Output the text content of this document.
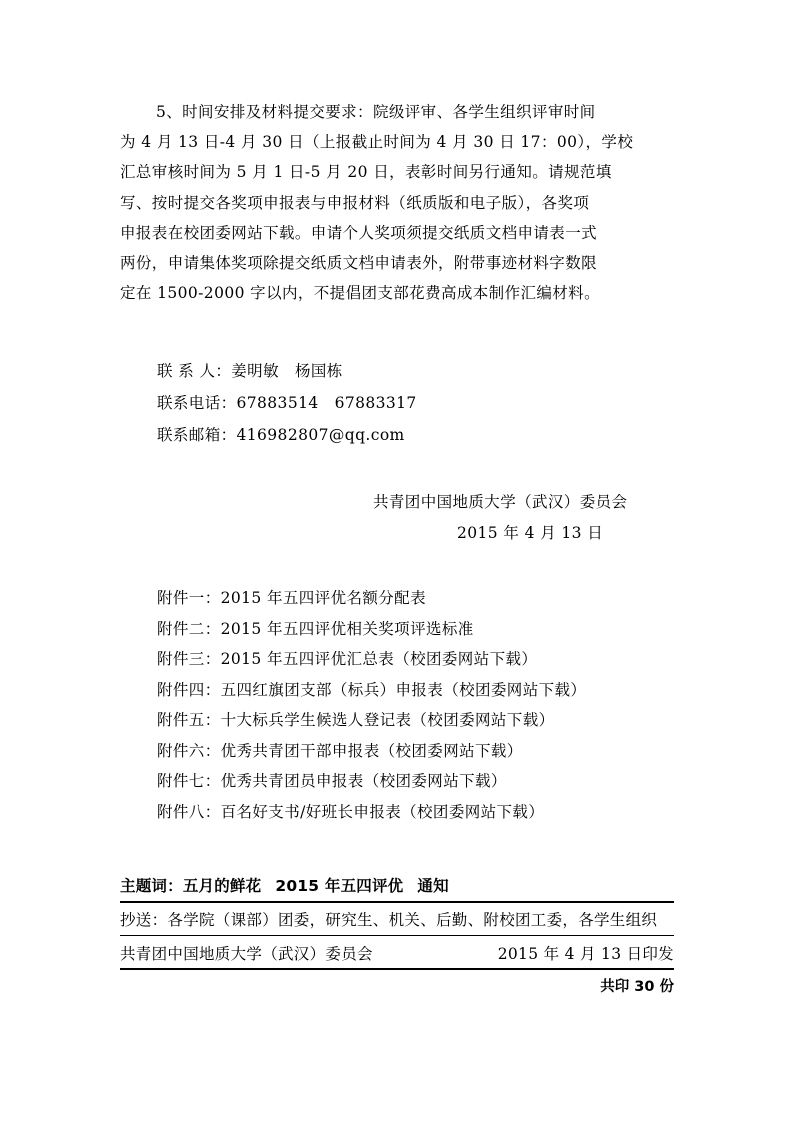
5、时间安排及材料提交要求：院级评审、各学生组织评审时间
为 4 月 13 日-4 月 30 日（上报截止时间为 4 月 30 日 17：00），学校
汇总审核时间为 5 月 1 日-5 月 20 日，表彰时间另行通知。请规范填
写、按时提交各奖项申报表与申报材料（纸质版和电子版），各奖项
申报表在校团委网站下载。申请个人奖项须提交纸质文档申请表一式
两份，申请集体奖项除提交纸质文档申请表外，附带事迹材料字数限
定在 1500-2000 字以内，不提倡团支部花费高成本制作汇编材料。
联 系 人：姜明敏   杨国栋
联系电话：67883514   67883317
联系邮箱：416982807@qq.com
共青团中国地质大学（武汉）委员会
2015 年 4 月 13 日
附件一：2015 年五四评优名额分配表
附件二：2015 年五四评优相关奖项评选标准
附件三：2015 年五四评优汇总表（校团委网站下载）
附件四：五四红旗团支部（标兵）申报表（校团委网站下载）
附件五：十大标兵学生候选人登记表（校团委网站下载）
附件六：优秀共青团干部申报表（校团委网站下载）
附件七：优秀共青团员申报表（校团委网站下载）
附件八：百名好支书/好班长申报表（校团委网站下载）
主题词：五月的鲜花 2015 年五四评优 通知
抄送：各学院（课部）团委，研究生、机关、后勤、附校团工委，各学生组织
共青团中国地质大学（武汉）委员会	2015 年 4 月 13 日印发
共印 30 份
